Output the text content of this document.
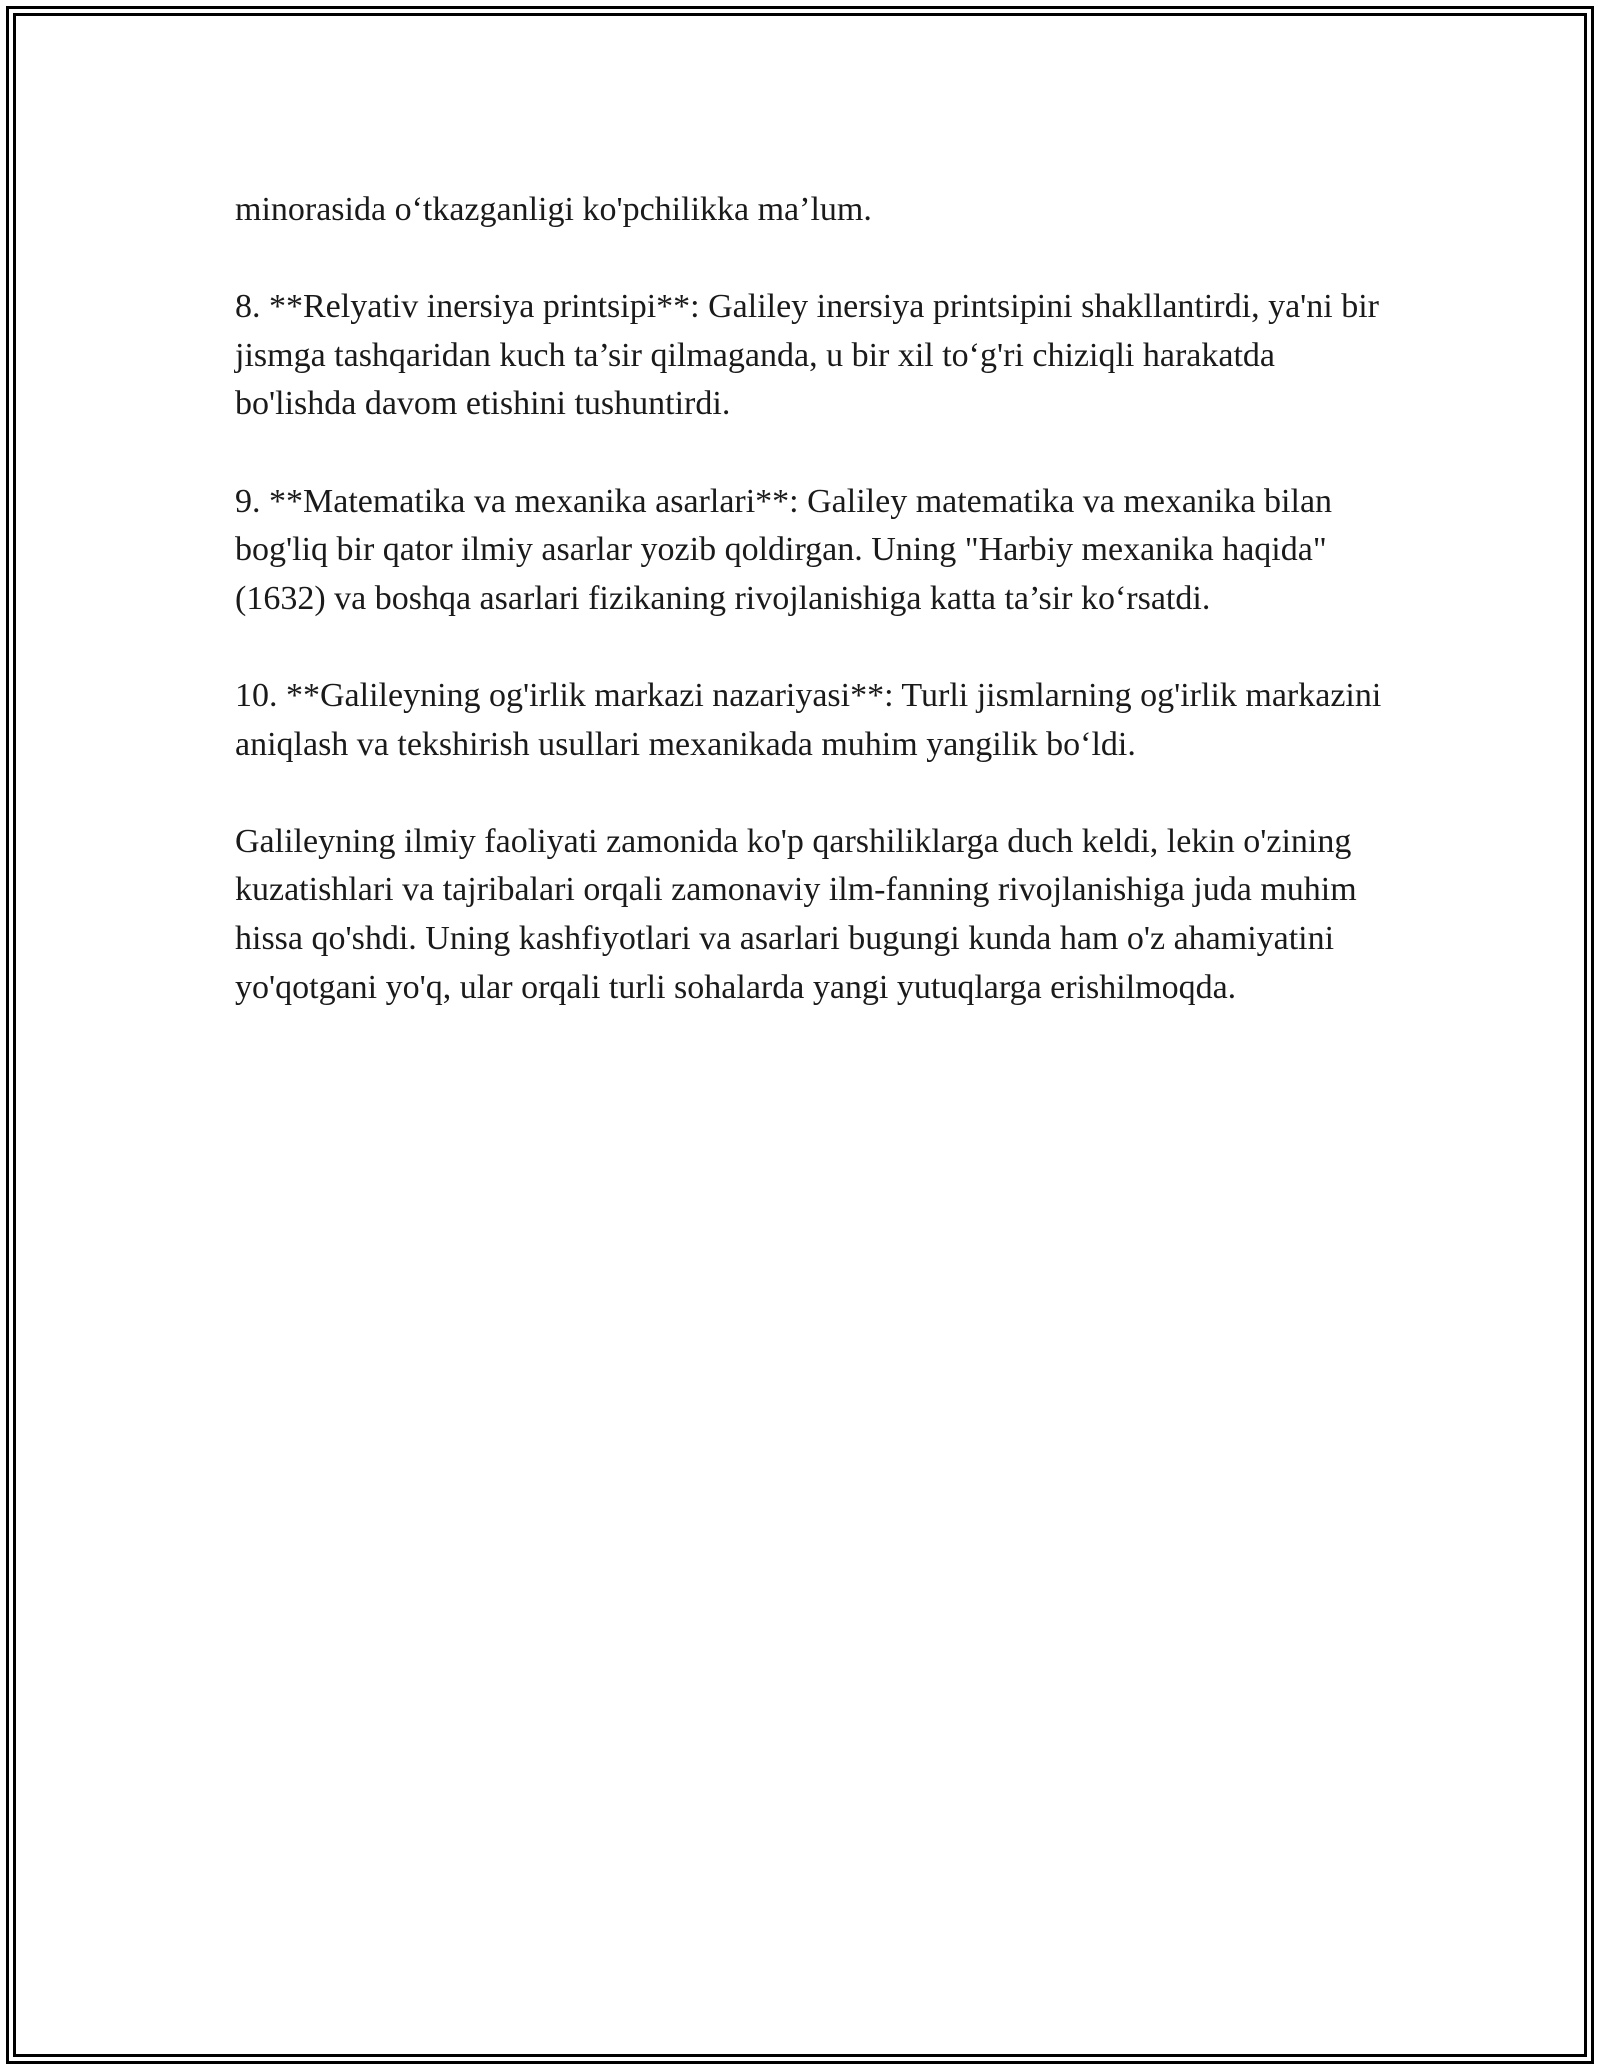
minorasida o‘tkazganligi ko'pchilikka ma’lum.

8. **Relyativ inersiya printsipi**: Galiley inersiya printsipini shakllantirdi, ya'ni bir jismga tashqaridan kuch ta’sir qilmaganda, u bir xil to‘g'ri chiziqli harakatda bo'lishda davom etishini tushuntirdi.

9. **Matematika va mexanika asarlari**: Galiley matematika va mexanika bilan bog'liq bir qator ilmiy asarlar yozib qoldirgan. Uning "Harbiy mexanika haqida" (1632) va boshqa asarlari fizikaning rivojlanishiga katta ta’sir ko‘rsatdi.

10. **Galileyning og'irlik markazi nazariyasi**: Turli jismlarning og'irlik markazini aniqlash va tekshirish usullari mexanikada muhim yangilik bo‘ldi.

Galileyning ilmiy faoliyati zamonida ko'p qarshiliklarga duch keldi, lekin o'zining kuzatishlari va tajribalari orqali zamonaviy ilm-fanning rivojlanishiga juda muhim hissa qo'shdi. Uning kashfiyotlari va asarlari bugungi kunda ham o'z ahamiyatini yo'qotgani yo'q, ular orqali turli sohalarda yangi yutuqlarga erishilmoqda.
